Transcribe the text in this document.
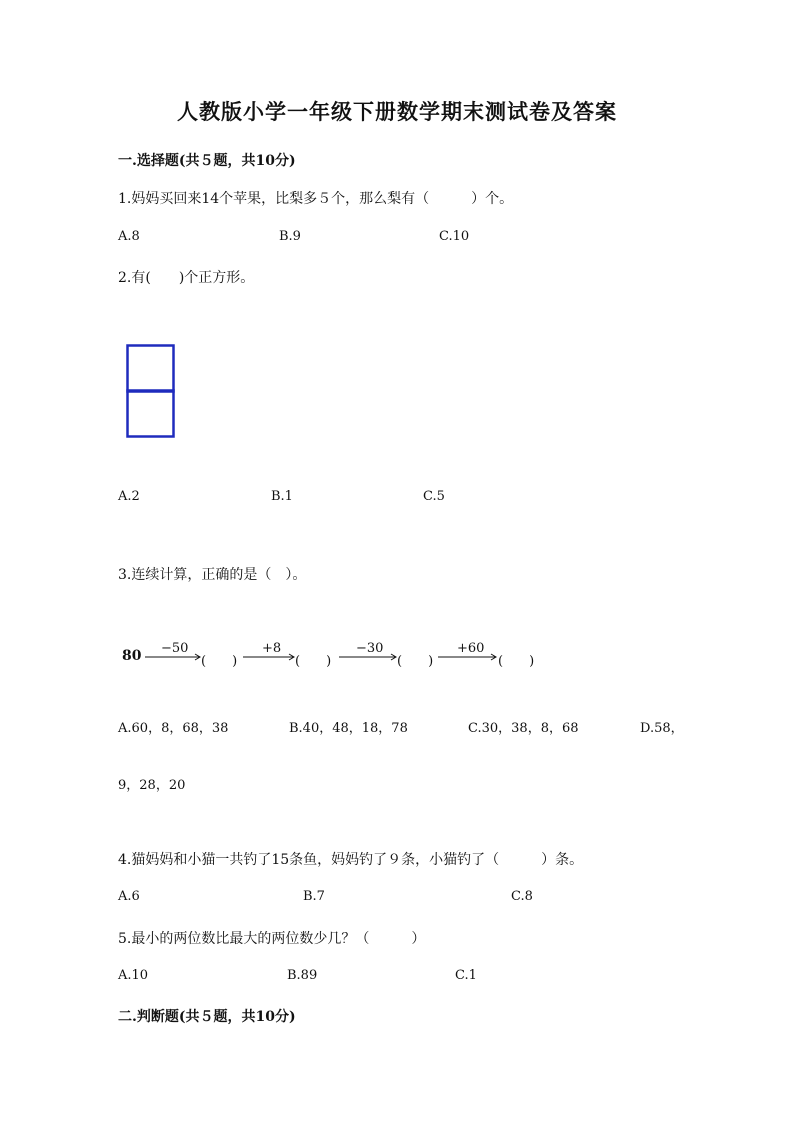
人教版小学一年级下册数学期末测试卷及答案
一.选择题(共５题，共10分)
1.妈妈买回来14个苹果，比梨多５个，那么梨有（　　　）个。
A.8	B.9	C.10
2.有(　　)个正方形。
A.2	B.1	C.5
3.连续计算，正确的是（　）。
80 −50	+8	−30	+60
(　　)	(　　)	(　　)	(　　)
A.60，8，68，38	B.40，48，18，78	C.30，38，8，68	D.58，
9，28，20
4.猫妈妈和小猫一共钓了15条鱼，妈妈钓了９条，小猫钓了（　　　）条。
A.6	B.7	C.8
5.最小的两位数比最大的两位数少几？（　　　）
A.10	B.89	C.1
二.判断题(共５题，共10分)
